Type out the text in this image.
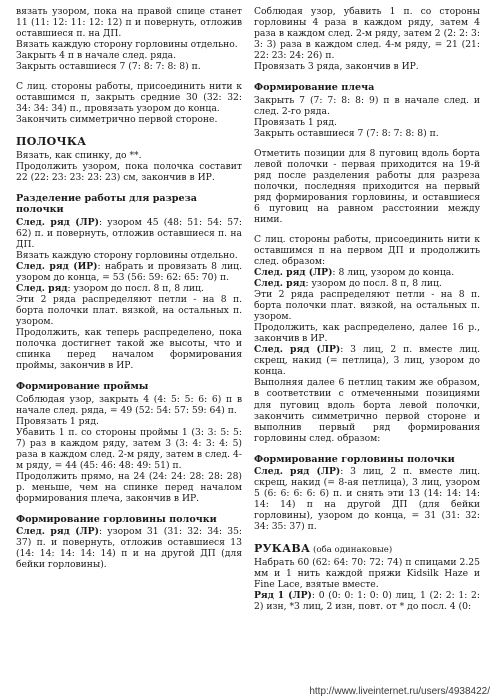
вязать узором, пока на правой спице станет 11 (11: 12: 11: 12: 12) п и повернуть, отложив оставшиеся п. на ДП.

Вязать каждую сторону горловины отдельно.

Закрыть 4 п в начале след. ряда.

Закрыть оставшиеся 7 (7: 8: 7: 8: 8) п.

С лиц. стороны работы, присоединить нити к оставшимся п, закрыть средние 30 (32: 32: 34: 34: 34) п., провязать узором до конца.

Закончить симметрично первой стороне.

ПОЛОЧКА

Вязать, как спинку, до **.

Продолжить узором, пока полочка составит 22 (22: 23: 23: 23: 23) см, закончив в ИР.

Разделение работы для разреза полочки

След. ряд (ЛР): узором 45 (48: 51: 54: 57: 62) п. и повернуть, отложив оставшиеся п. на ДП.

Вязать каждую сторону горловины отдельно.

След. ряд (ИР): набрать и провязать 8 лиц. узором до конца, = 53 (56: 59: 62: 65: 70) п.

След. ряд: узором до посл. 8 п, 8 лиц.

Эти 2 ряда распределяют петли - на 8 п. борта полочки плат. вязкой, на остальных п. узором.

Продолжить, как теперь распределено, пока полочка достигнет такой же высоты, что и спинка перед началом формирования проймы, закончив в ИР.

Формирование проймы

Соблюдая узор, закрыть 4 (4: 5: 5: 6: 6) п в начале след. ряда, = 49 (52: 54: 57: 59: 64) п.

Провязать 1 ряд.

Убавить 1 п. со стороны проймы 1 (3: 3: 5: 5: 7) раз в каждом ряду, затем 3 (3: 4: 3: 4: 5) раза в каждом след. 2-м ряду, затем в след. 4-м ряду, = 44 (45: 46: 48: 49: 51) п.

Продолжить прямо, на 24 (24: 24: 28: 28: 28) р. меньше, чем на спинке перед началом формирования плеча, закончив в ИР.

Формирование горловины полочки

След. ряд (ЛР): узором 31 (31: 32: 34: 35: 37) п. и повернуть, отложив оставшиеся 13 (14: 14: 14: 14: 14) п и на другой ДП (для бейки горловины).

Соблюдая узор, убавить 1 п. со стороны горловины 4 раза в каждом ряду, затем 4 раза в каждом след. 2-м ряду, затем 2 (2: 2: 3: 3: 3) раза в каждом след. 4-м ряду, = 21 (21: 22: 23: 24: 26) п.

Провязать 3 ряда, закончив в ИР.

Формирование плеча

Закрыть 7 (7: 7: 8: 8: 9) п в начале след. и след. 2-го ряда.

Провязать 1 ряд.

Закрыть оставшиеся 7 (7: 8: 7: 8: 8) п.

Отметить позиции для 8 пуговиц вдоль борта левой полочки - первая приходится на 19-й ряд после разделения работы для разреза полочки, последняя приходится на первый ряд формирования горловины, и оставшиеся 6 пуговиц на равном расстоянии между ними.

С лиц. стороны работы, присоединить нити к оставшимся п на первом ДП и продолжить след. образом:

След. ряд (ЛР): 8 лиц, узором до конца.

След. ряд: узором до посл. 8 п, 8 лиц.

Эти 2 ряда распределяют петли - на 8 п. борта полочки плат. вязкой, на остальных п. узором.

Продолжить, как распределено, далее 16 р., закончив в ИР.

След. ряд (ЛР): 3 лиц, 2 п. вместе лиц. скрещ, накид (= петлица), 3 лиц, узором до конца.

Выполняя далее 6 петлиц таким же образом, в соответствии с отмеченными позициями для пуговиц вдоль борта левой полочки, закончить симметрично первой стороне и выполнив первый ряд формирования горловины след. образом:

Формирование горловины полочки

След. ряд (ЛР): 3 лиц, 2 п. вместе лиц. скрещ, накид (= 8-ая петлица), 3 лиц, узором 5 (6: 6: 6: 6: 6) п. и снять эти 13 (14: 14: 14: 14: 14) п на другой ДП (для бейки горловины), узором до конца, = 31 (31: 32: 34: 35: 37) п.

РУКАВА (оба одинаковые)

Набрать 60 (62: 64: 70: 72: 74) п спицами 2.25 мм и 1 нить каждой пряжи Kidsilk Haze и Fine Lace, взятые вместе.

Ряд 1 (ЛР): 0 (0: 0: 1: 0: 0) лиц, 1 (2: 2: 1: 2: 2) изн, *3 лиц, 2 изн, повт. от * до посл. 4 (0:

http://www.liveinternet.ru/users/4938422/
